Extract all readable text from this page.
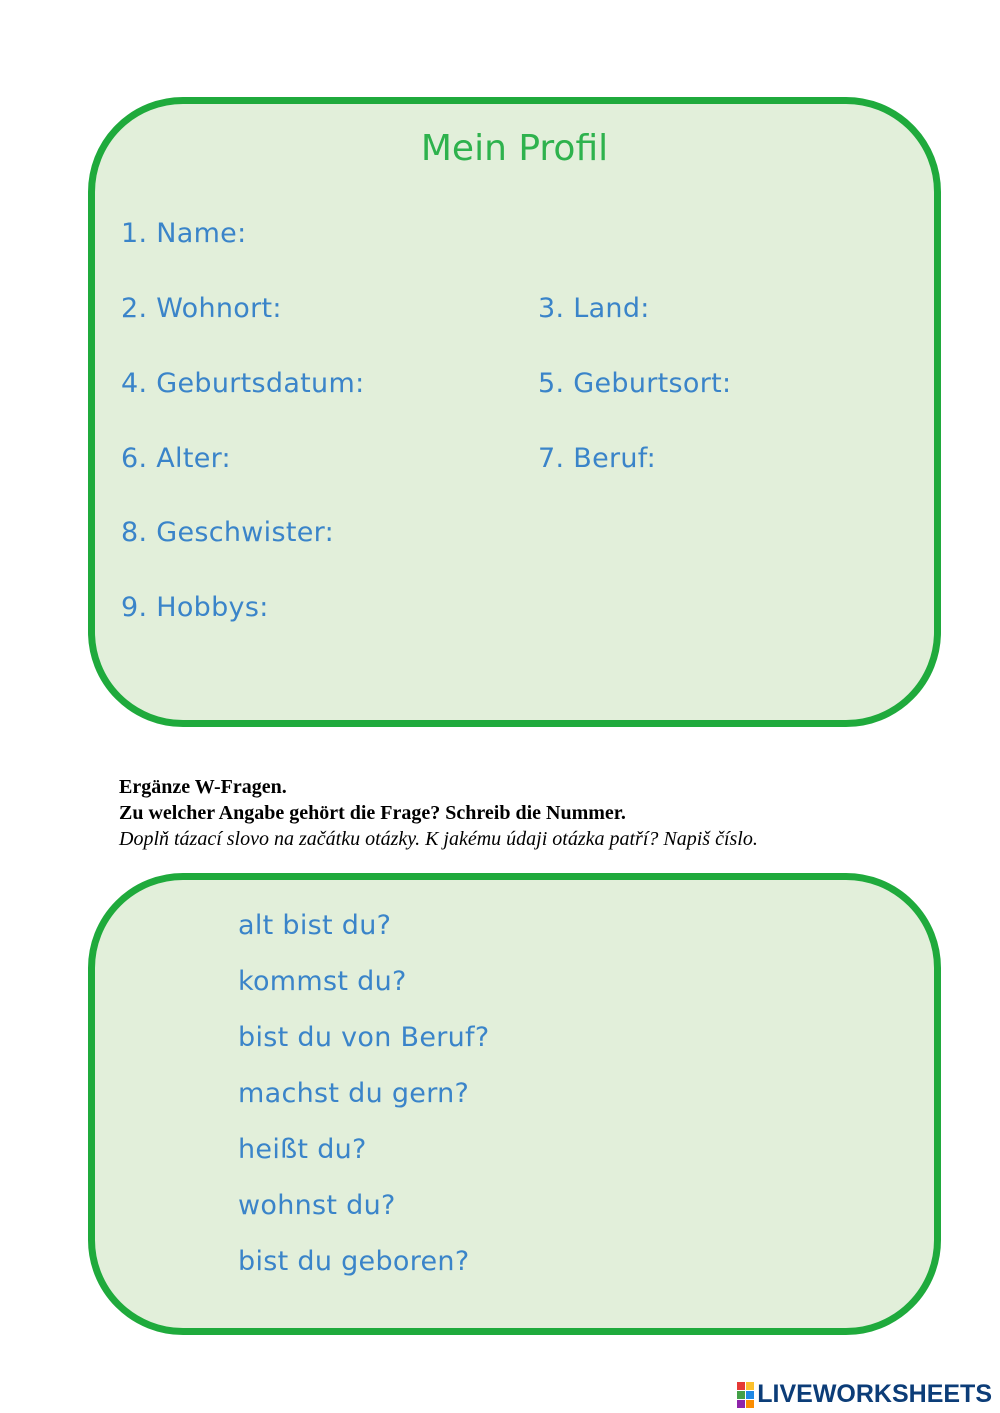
Mein Profil
1. Name:
2. Wohnort:	3. Land:
4. Geburtsdatum:	5. Geburtsort:
6. Alter:	7. Beruf:
8. Geschwister:
9. Hobbys:
Ergänze W-Fragen.
Zu welcher Angabe gehört die Frage? Schreib die Nummer.
Doplň tázací slovo na začátku otázky. K jakému údaji otázka patří? Napiš číslo.
alt bist du?
kommst du?
bist du von Beruf?
machst du gern?
heißt du?
wohnst du?
bist du geboren?
LIVEWORKSHEETS
